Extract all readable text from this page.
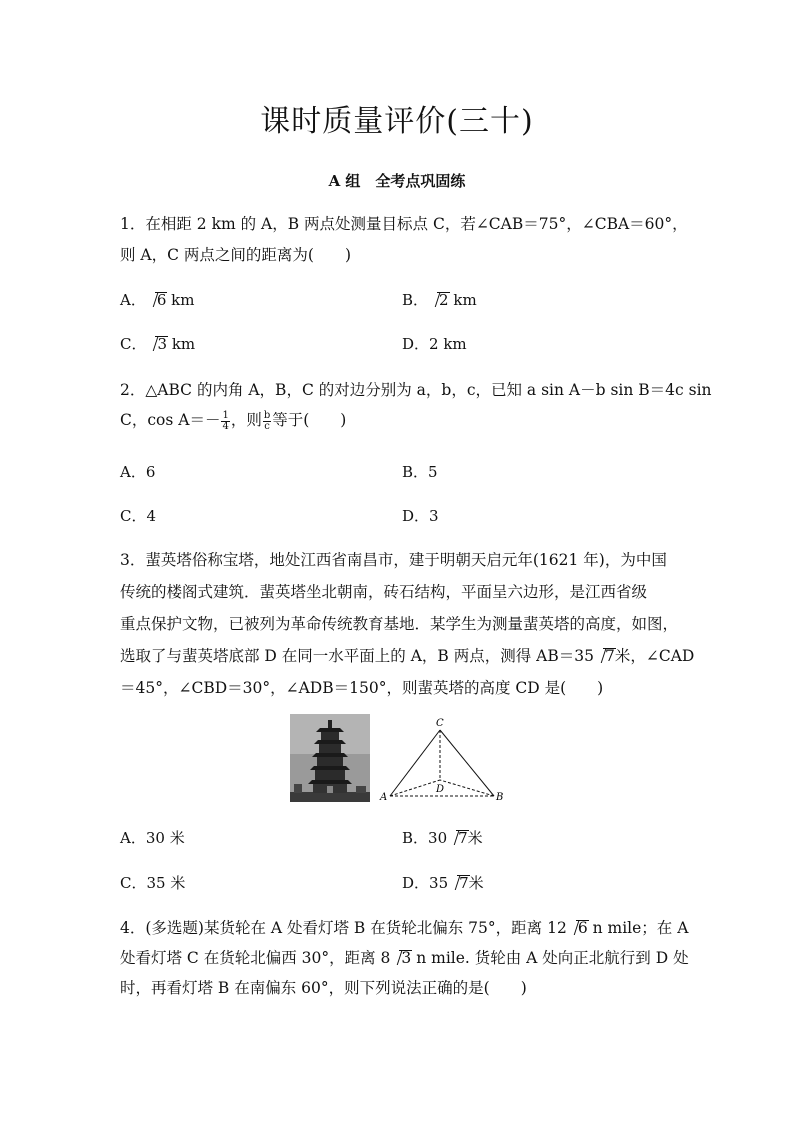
课时质量评价(三十)
A 组　全考点巩固练
1．在相距 2 km 的 A，B 两点处测量目标点 C，若∠CAB＝75°，∠CBA＝60°，
则 A，C 两点之间的距离为(　　)
A． 6 km	B． 2 km
C． 3 km	D．2 km
2．△ABC 的内角 A，B，C 的对边分别为 a，b，c，已知 a sin A－b sin B＝4c sin
C，$\cos A=- \frac{1}{4}$ ，则 $\frac{b}{c}$ 等于(　　)
A．6	B．5
C．4	D．3
3．蜚英塔俗称宝塔，地处江西省南昌市，建于明朝天启元年(1621 年)，为中国
传统的楼阁式建筑．蜚英塔坐北朝南，砖石结构，平面呈六边形，是江西省级
重点保护文物，已被列为革命传统教育基地．某学生为测量蜚英塔的高度，如图，
选取了与蜚英塔底部 D 在同一水平面上的 A，B 两点，测得 AB＝35 7米，∠CAD
＝45°，∠CBD＝30°，∠ADB＝150°，则蜚英塔的高度 CD 是(　　)
C
A	B
D
A．30 米	B．30 7米
C．35 米	D．35 7米
4．(多选题)某货轮在 A 处看灯塔 B 在货轮北偏东 75°，距离 12 6 n mile；在 A
处看灯塔 C 在货轮北偏西 30°，距离 8 3 n mile. 货轮由 A 处向正北航行到 D 处
时，再看灯塔 B 在南偏东 60°，则下列说法正确的是(　　)
